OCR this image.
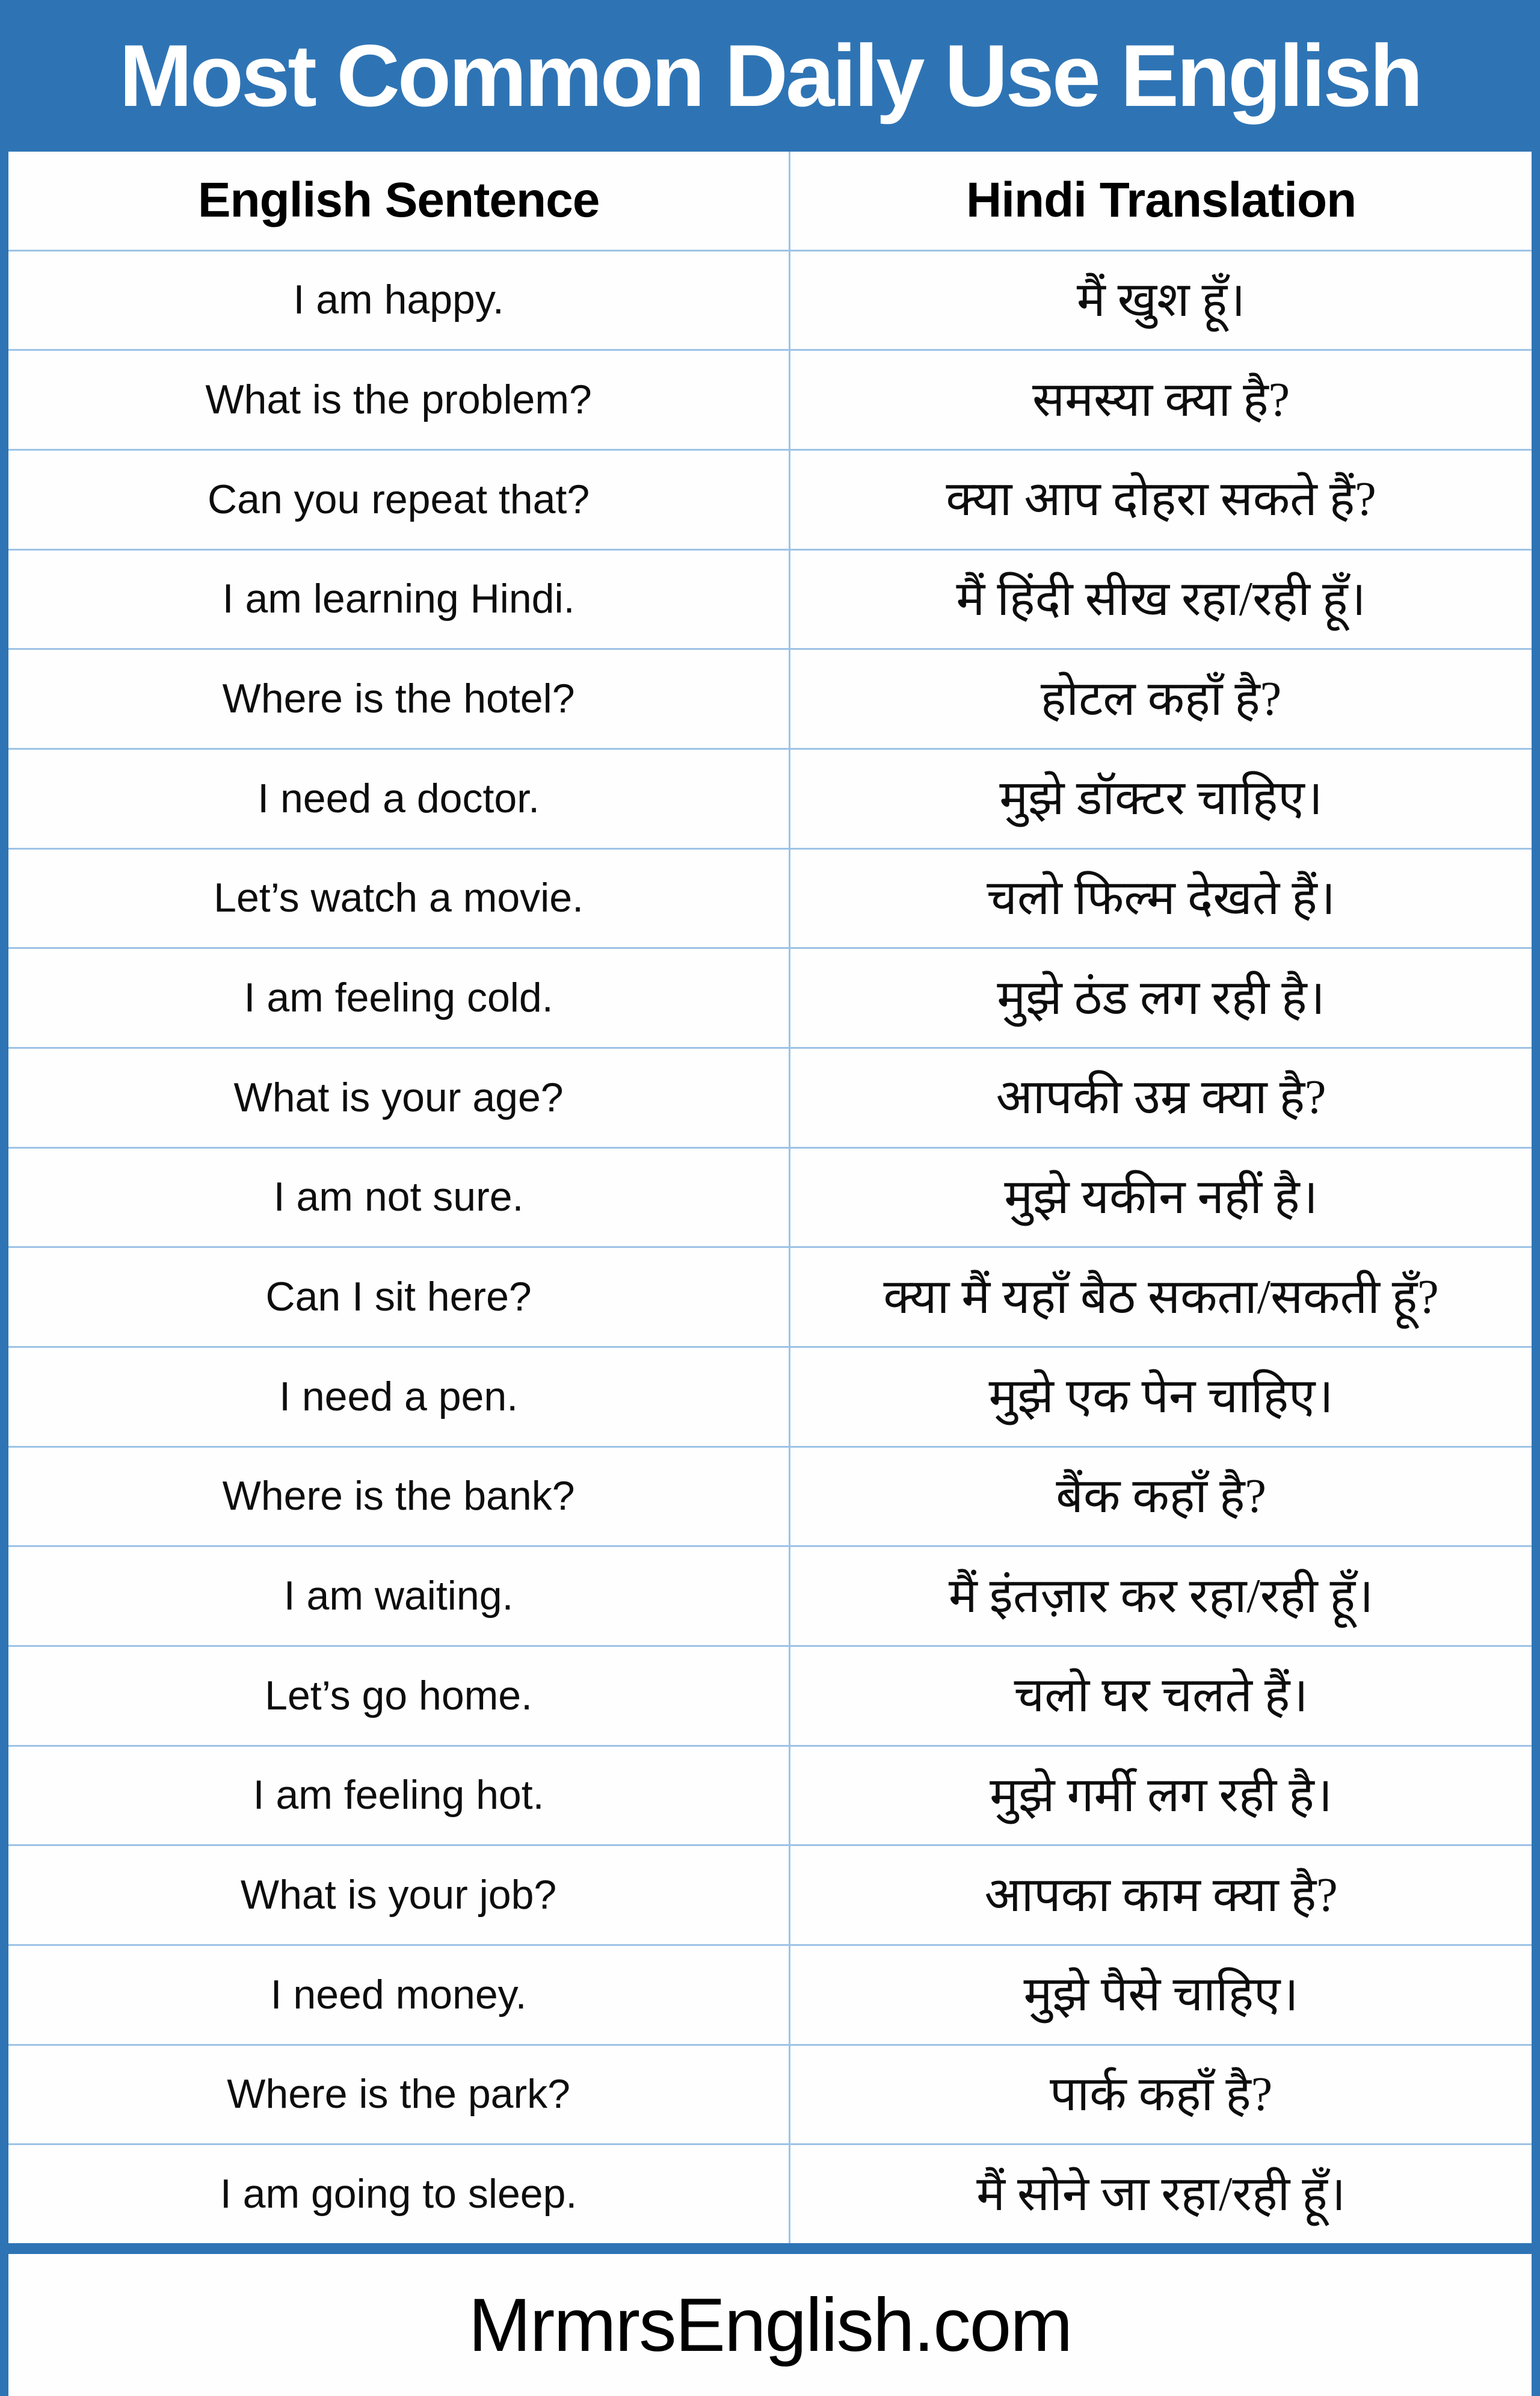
Most Common Daily Use English
English Sentence	Hindi Translation
I am happy.	मैं खुश हूँ।
What is the problem?	समस्या क्या है?
Can you repeat that?	क्या आप दोहरा सकते हैं?
I am learning Hindi.	मैं हिंदी सीख रहा/रही हूँ।
Where is the hotel?	होटल कहाँ है?
I need a doctor.	मुझे डॉक्टर चाहिए।
Let’s watch a movie.	चलो फिल्म देखते हैं।
I am feeling cold.	मुझे ठंड लग रही है।
What is your age?	आपकी उम्र क्या है?
I am not sure.	मुझे यकीन नहीं है।
Can I sit here?	क्या मैं यहाँ बैठ सकता/सकती हूँ?
I need a pen.	मुझे एक पेन चाहिए।
Where is the bank?	बैंक कहाँ है?
I am waiting.	मैं इंतज़ार कर रहा/रही हूँ।
Let’s go home.	चलो घर चलते हैं।
I am feeling hot.	मुझे गर्मी लग रही है।
What is your job?	आपका काम क्या है?
I need money.	मुझे पैसे चाहिए।
Where is the park?	पार्क कहाँ है?
I am going to sleep.	मैं सोने जा रहा/रही हूँ।
MrmrsEnglish.com
